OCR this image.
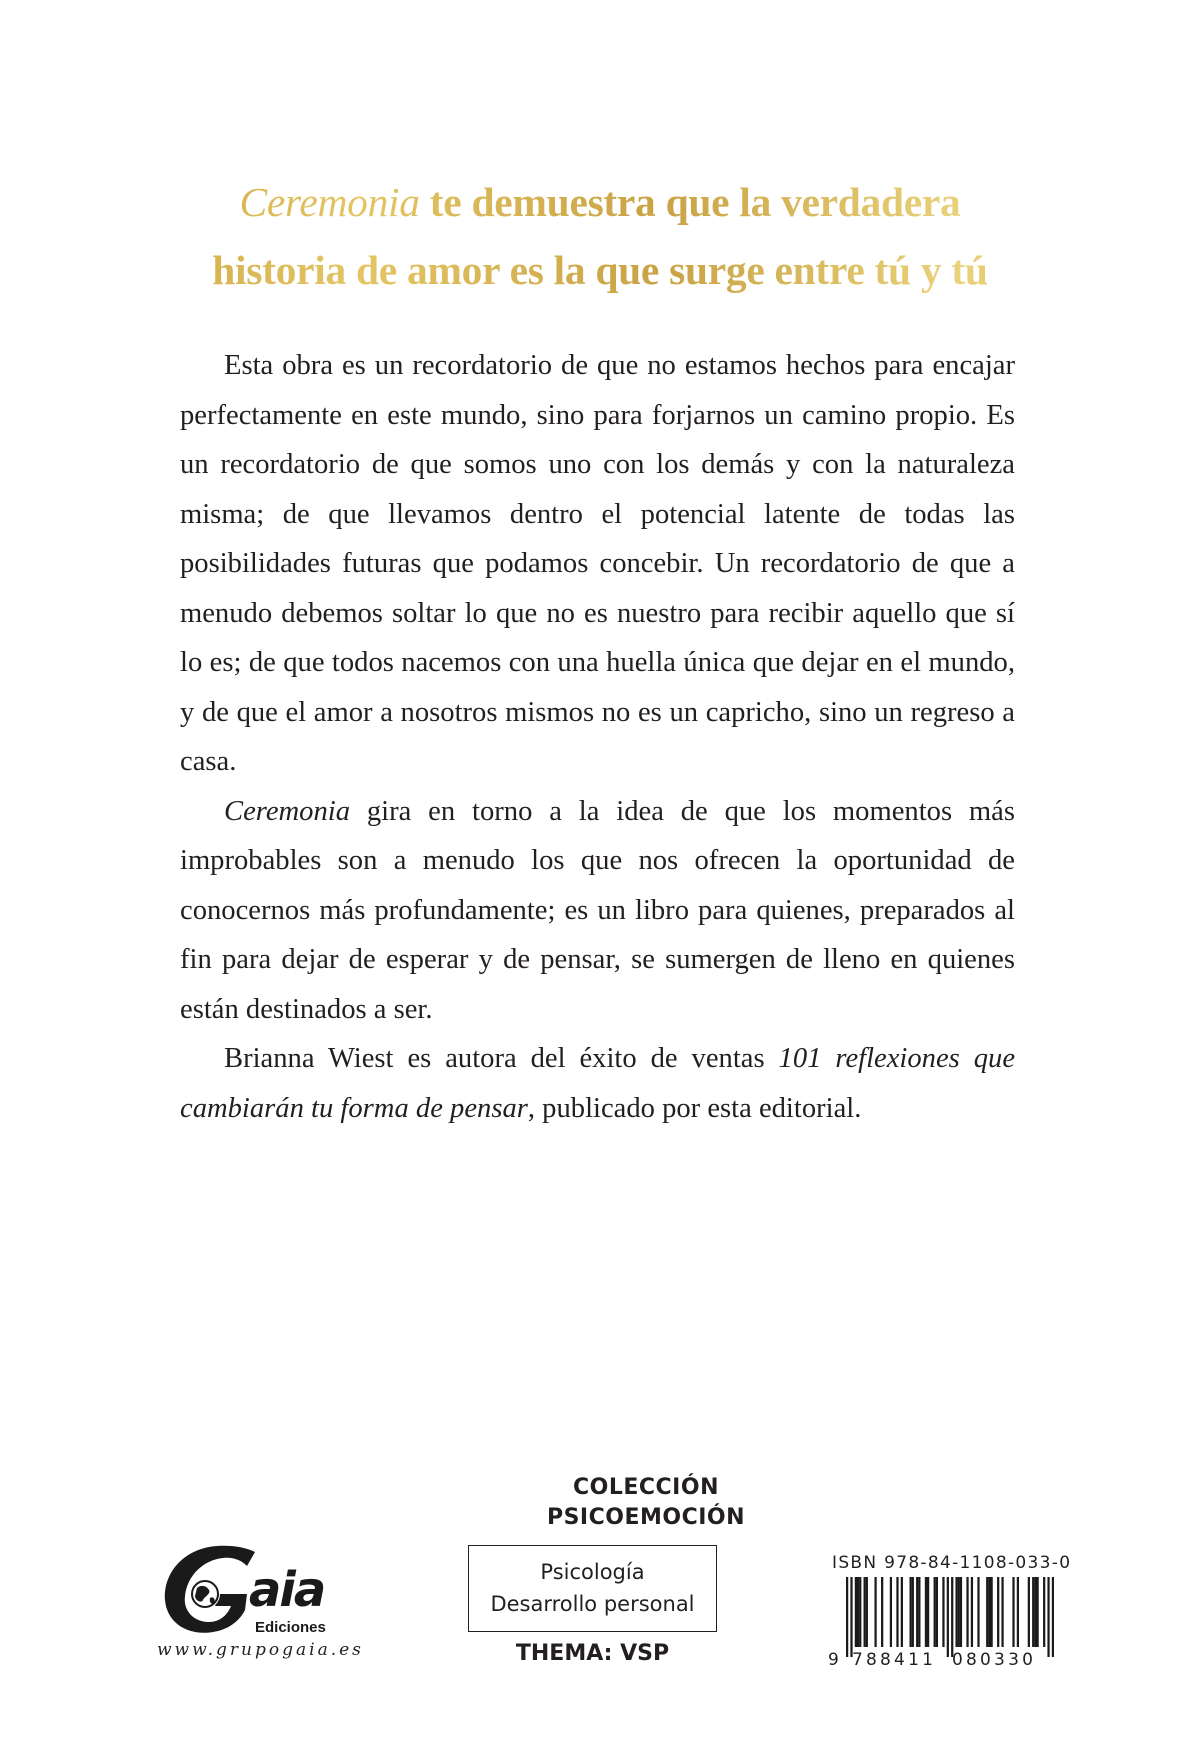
Ceremonia te demuestra que la verdadera
historia de amor es la que surge entre tú y tú

Esta obra es un recordatorio de que no estamos hechos para encajar perfectamente en este mundo, sino para forjarnos un camino propio. Es un recordatorio de que somos uno con los demás y con la naturaleza misma; de que llevamos dentro el potencial latente de todas las posibilidades futuras que podamos concebir. Un recordatorio de que a menudo debemos soltar lo que no es nuestro para recibir aquello que sí lo es; de que todos nacemos con una huella única que dejar en el mundo, y de que el amor a nosotros mismos no es un capricho, sino un regreso a casa.

Ceremonia gira en torno a la idea de que los momentos más improbables son a menudo los que nos ofrecen la oportunidad de conocernos más profundamente; es un libro para quienes, preparados al fin para dejar de esperar y de pensar, se sumergen de lleno en quienes están destinados a ser.

Brianna Wiest es autora del éxito de ventas 101 reflexiones que cambiarán tu forma de pensar, publicado por esta editorial.

aia
Ediciones
www.grupogaia.es
COLECCIÓN
PSICOEMOCIÓN
Psicología
Desarrollo personal
THEMA: VSP
ISBN 978-84-1108-033-0
9 788411 080330
